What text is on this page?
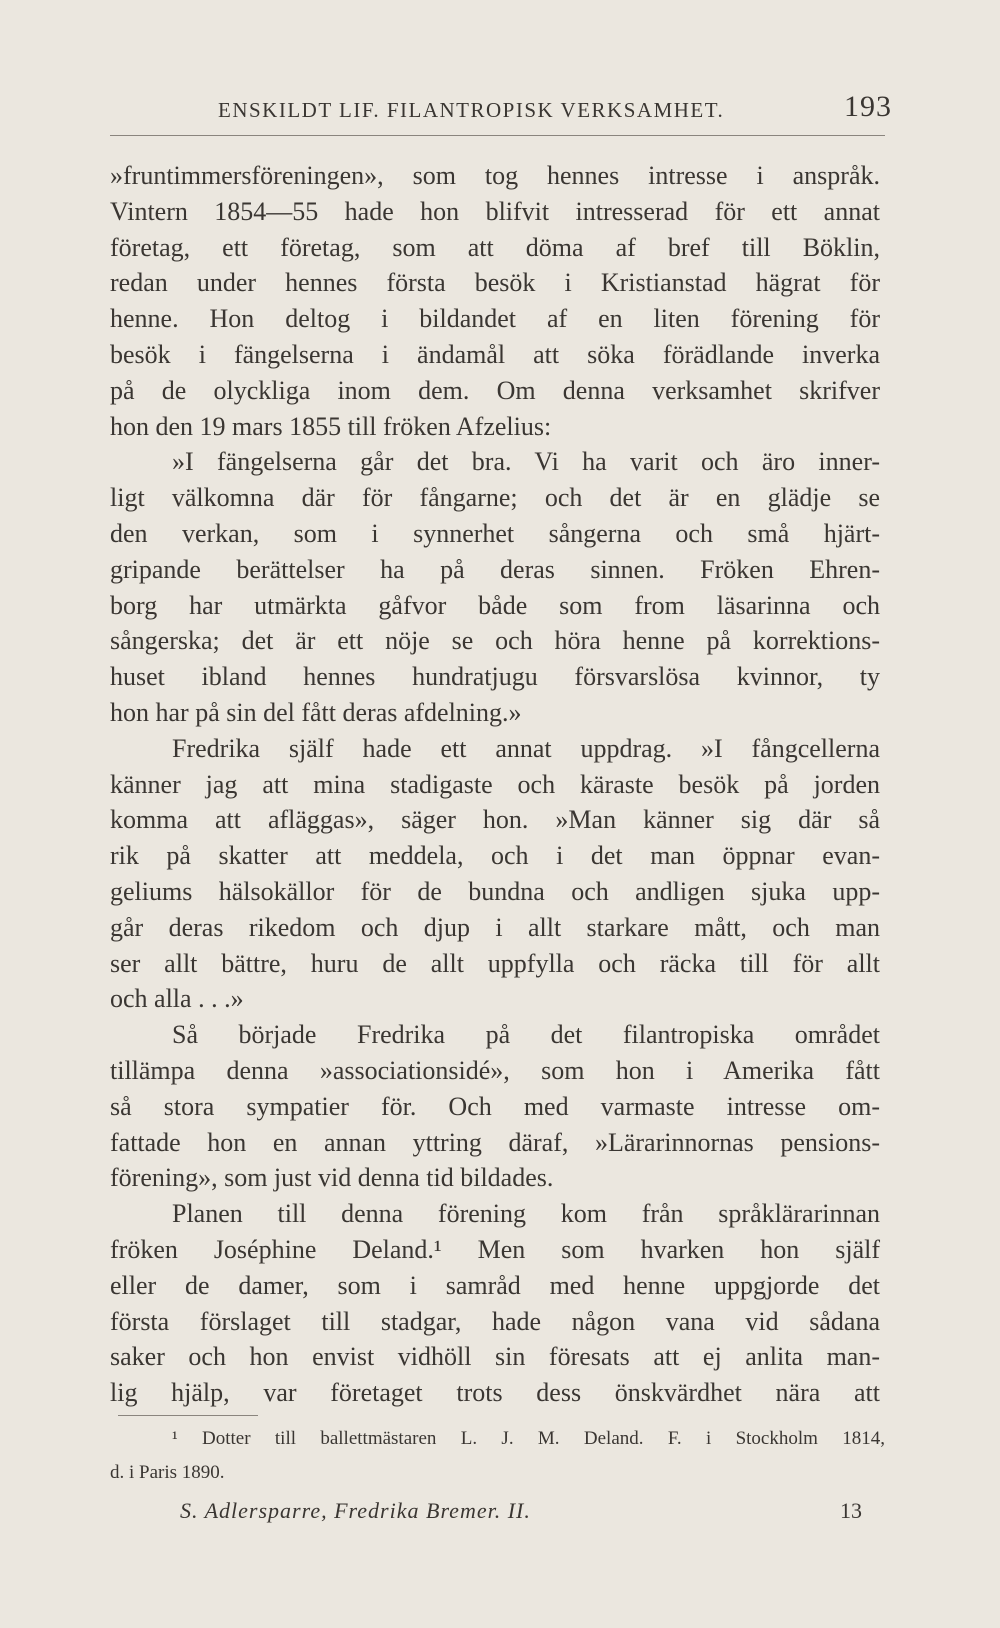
ENSKILDT LIF. FILANTROPISK VERKSAMHET.	193
»fruntimmersföreningen», som tog hennes intresse i anspråk.
Vintern 1854—55 hade hon blifvit intresserad för ett annat
företag, ett företag, som att döma af bref till Böklin,
redan under hennes första besök i Kristianstad hägrat för
henne. Hon deltog i bildandet af en liten förening för
besök i fängelserna i ändamål att söka förädlande inverka
på de olyckliga inom dem. Om denna verksamhet skrifver
hon den 19 mars 1855 till fröken Afzelius:
»I fängelserna går det bra. Vi ha varit och äro inner-
ligt välkomna där för fångarne; och det är en glädje se
den verkan, som i synnerhet sångerna och små hjärt-
gripande berättelser ha på deras sinnen. Fröken Ehren-
borg har utmärkta gåfvor både som from läsarinna och
sångerska; det är ett nöje se och höra henne på korrektions-
huset ibland hennes hundratjugu försvarslösa kvinnor, ty
hon har på sin del fått deras afdelning.»
Fredrika själf hade ett annat uppdrag. »I fångcellerna
känner jag att mina stadigaste och käraste besök på jorden
komma att afläggas», säger hon. »Man känner sig där så
rik på skatter att meddela, och i det man öppnar evan-
geliums hälsokällor för de bundna och andligen sjuka upp-
går deras rikedom och djup i allt starkare mått, och man
ser allt bättre, huru de allt uppfylla och räcka till för allt
och alla . . .»
Så började Fredrika på det filantropiska området
tillämpa denna »associationsidé», som hon i Amerika fått
så stora sympatier för. Och med varmaste intresse om-
fattade hon en annan yttring däraf, »Lärarinnornas pensions-
förening», som just vid denna tid bildades.
Planen till denna förening kom från språklärarinnan
fröken Joséphine Deland.¹ Men som hvarken hon själf
eller de damer, som i samråd med henne uppgjorde det
första förslaget till stadgar, hade någon vana vid sådana
saker och hon envist vidhöll sin föresats att ej anlita man-
lig hjälp, var företaget trots dess önskvärdhet nära att
¹ Dotter till ballettmästaren L. J. M. Deland. F. i Stockholm 1814,
d. i Paris 1890.
S. Adlersparre, Fredrika Bremer. II.	13
